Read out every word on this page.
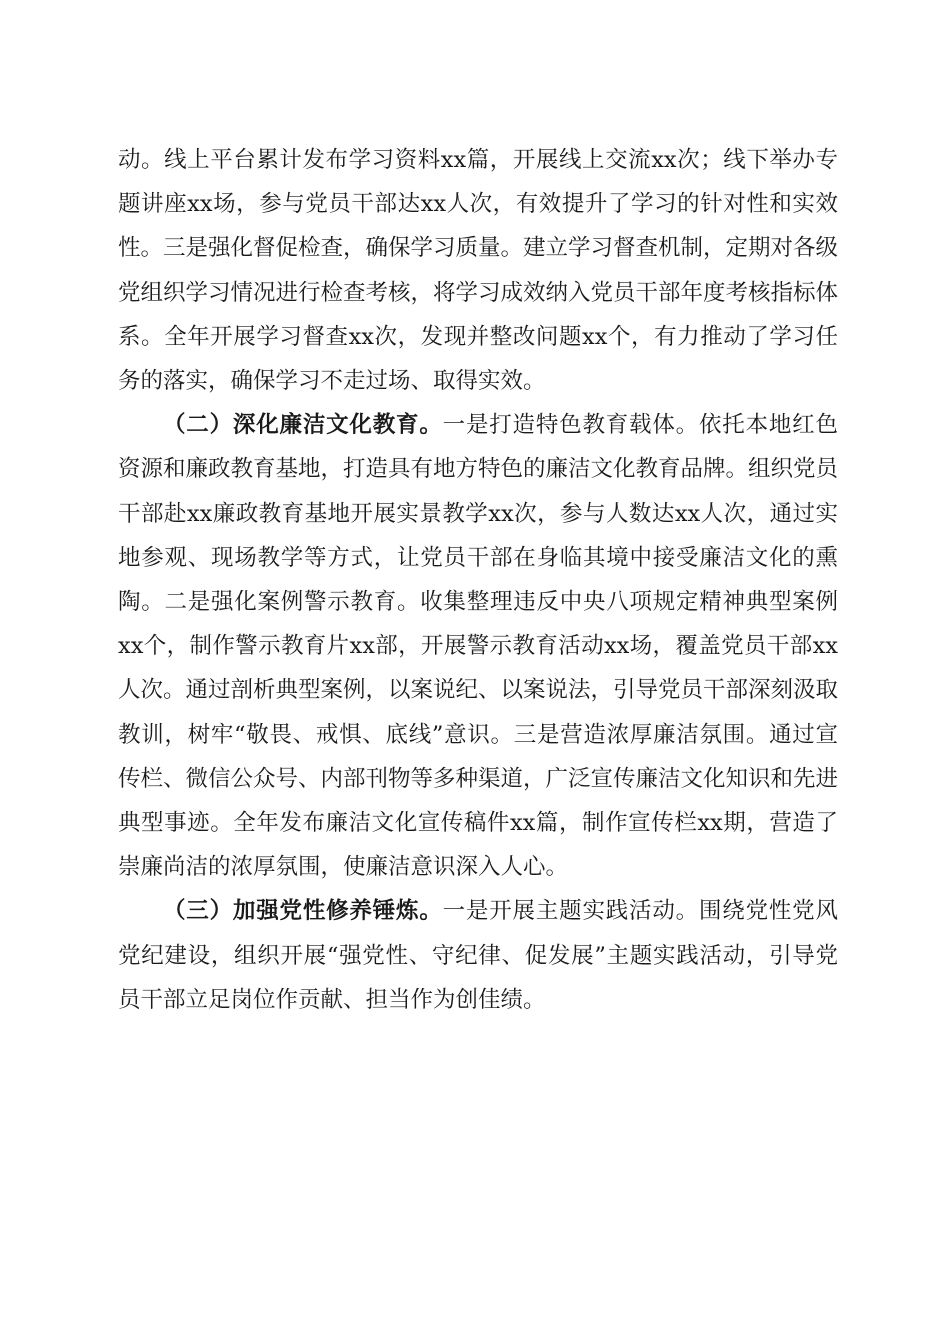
动。线上平台累计发布学习资料xx篇，开展线上交流xx次；线下举办专题讲座xx场，参与党员干部达xx人次，有效提升了学习的针对性和实效性。三是强化督促检查，确保学习质量。建立学习督查机制，定期对各级党组织学习情况进行检查考核，将学习成效纳入党员干部年度考核指标体系。全年开展学习督查xx次，发现并整改问题xx个，有力推动了学习任务的落实，确保学习不走过场、取得实效。

（二）深化廉洁文化教育。一是打造特色教育载体。依托本地红色资源和廉政教育基地，打造具有地方特色的廉洁文化教育品牌。组织党员干部赴xx廉政教育基地开展实景教学xx次，参与人数达xx人次，通过实地参观、现场教学等方式，让党员干部在身临其境中接受廉洁文化的熏陶。二是强化案例警示教育。收集整理违反中央八项规定精神典型案例xx个，制作警示教育片xx部，开展警示教育活动xx场，覆盖党员干部xx人次。通过剖析典型案例，以案说纪、以案说法，引导党员干部深刻汲取教训，树牢“敬畏、戒惧、底线”意识。三是营造浓厚廉洁氛围。通过宣传栏、微信公众号、内部刊物等多种渠道，广泛宣传廉洁文化知识和先进典型事迹。全年发布廉洁文化宣传稿件xx篇，制作宣传栏xx期，营造了崇廉尚洁的浓厚氛围，使廉洁意识深入人心。

（三）加强党性修养锤炼。一是开展主题实践活动。围绕党性党风党纪建设，组织开展“强党性、守纪律、促发展”主题实践活动，引导党员干部立足岗位作贡献、担当作为创佳绩。
